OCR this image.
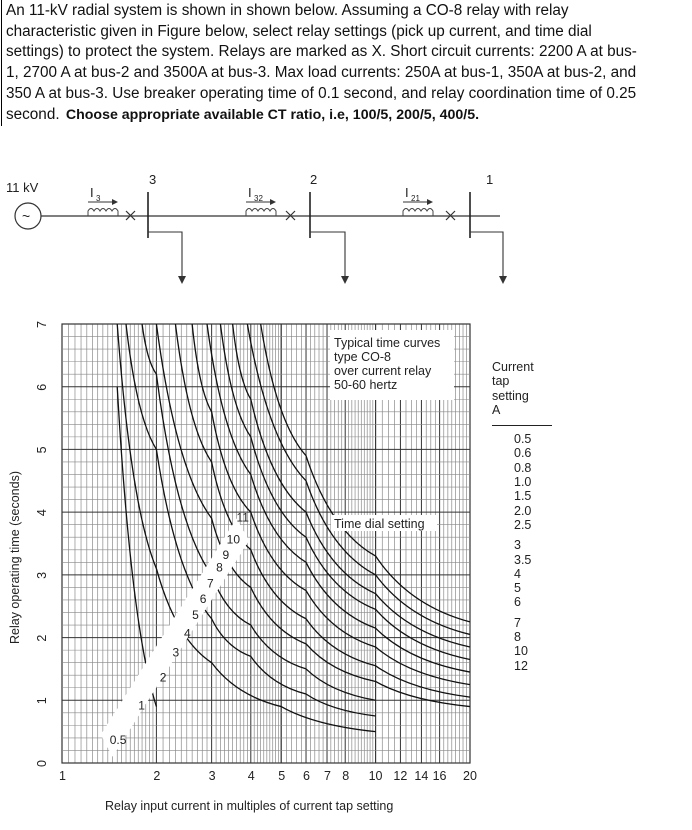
An 11-kV radial system is shown in shown below. Assuming a CO-8 relay with relay characteristic given in Figure below, select relay settings (pick up current, and time dial settings) to protect the system. Relays are marked as X. Short circuit currents: 2200 A at bus-1, 2700 A at bus-2 and 3500A at bus-3. Max load currents: 250A at bus-1, 350A at bus-2, and 350 A at bus-3. Use breaker operating time of 0.1 second, and relay coordination time of 0.25 second. Choose appropriate available CT ratio, i.e, 100/5, 200/5, 400/5.

11 kV
~
I 3	I 32	I 21
3	2	1
0.5
1
2
3
4
5
6
7
8
9
10
11
Typical time curves
type CO-8
over current relay
50-60 hertz
Time dial setting
1	2	3	4 5 6 7 8 10 12 14 16 20
0
1
2
3
4
5
6
7
Relay input current in multiples of current tap setting
Relay operating time (seconds)
Current
tap
setting
A
0.5
0.6
0.8
1.0
1.5
2.0
2.5
3
3.5
4
5
6
7
8
10
12
